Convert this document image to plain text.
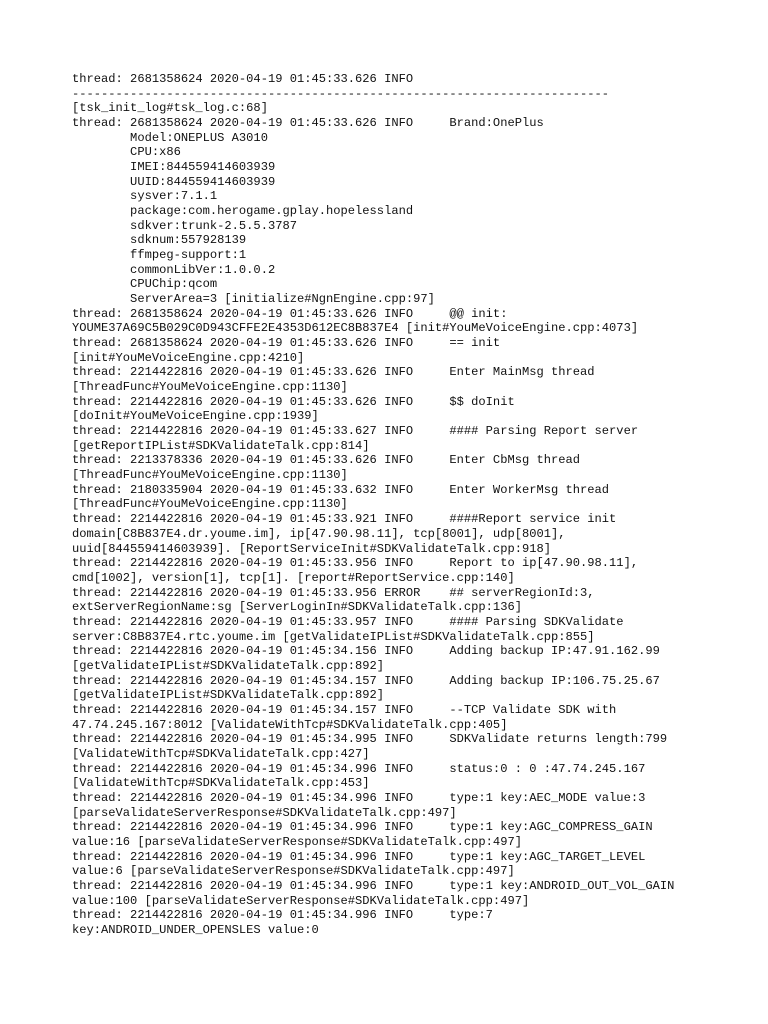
thread: 2681358624 2020-04-19 01:45:33.626 INFO
--------------------------------------------------------------------------
[tsk_init_log#tsk_log.c:68]
thread: 2681358624 2020-04-19 01:45:33.626 INFO     Brand:OnePlus
Model:ONEPLUS A3010
CPU:x86
IMEI:844559414603939
UUID:844559414603939
sysver:7.1.1
package:com.herogame.gplay.hopelessland
sdkver:trunk-2.5.5.3787
sdknum:557928139
ffmpeg-support:1
commonLibVer:1.0.0.2
CPUChip:qcom
ServerArea=3 [initialize#NgnEngine.cpp:97]
thread: 2681358624 2020-04-19 01:45:33.626 INFO     @@ init:
YOUME37A69C5B029C0D943CFFE2E4353D612EC8B837E4 [init#YouMeVoiceEngine.cpp:4073]
thread: 2681358624 2020-04-19 01:45:33.626 INFO     == init
[init#YouMeVoiceEngine.cpp:4210]
thread: 2214422816 2020-04-19 01:45:33.626 INFO     Enter MainMsg thread
[ThreadFunc#YouMeVoiceEngine.cpp:1130]
thread: 2214422816 2020-04-19 01:45:33.626 INFO     $$ doInit
[doInit#YouMeVoiceEngine.cpp:1939]
thread: 2214422816 2020-04-19 01:45:33.627 INFO     #### Parsing Report server
[getReportIPList#SDKValidateTalk.cpp:814]
thread: 2213378336 2020-04-19 01:45:33.626 INFO     Enter CbMsg thread
[ThreadFunc#YouMeVoiceEngine.cpp:1130]
thread: 2180335904 2020-04-19 01:45:33.632 INFO     Enter WorkerMsg thread
[ThreadFunc#YouMeVoiceEngine.cpp:1130]
thread: 2214422816 2020-04-19 01:45:33.921 INFO     ####Report service init
domain[C8B837E4.dr.youme.im], ip[47.90.98.11], tcp[8001], udp[8001],
uuid[844559414603939]. [ReportServiceInit#SDKValidateTalk.cpp:918]
thread: 2214422816 2020-04-19 01:45:33.956 INFO     Report to ip[47.90.98.11],
cmd[1002], version[1], tcp[1]. [report#ReportService.cpp:140]
thread: 2214422816 2020-04-19 01:45:33.956 ERROR    ## serverRegionId:3,
extServerRegionName:sg [ServerLoginIn#SDKValidateTalk.cpp:136]
thread: 2214422816 2020-04-19 01:45:33.957 INFO     #### Parsing SDKValidate
server:C8B837E4.rtc.youme.im [getValidateIPList#SDKValidateTalk.cpp:855]
thread: 2214422816 2020-04-19 01:45:34.156 INFO     Adding backup IP:47.91.162.99
[getValidateIPList#SDKValidateTalk.cpp:892]
thread: 2214422816 2020-04-19 01:45:34.157 INFO     Adding backup IP:106.75.25.67
[getValidateIPList#SDKValidateTalk.cpp:892]
thread: 2214422816 2020-04-19 01:45:34.157 INFO     --TCP Validate SDK with
47.74.245.167:8012 [ValidateWithTcp#SDKValidateTalk.cpp:405]
thread: 2214422816 2020-04-19 01:45:34.995 INFO     SDKValidate returns length:799
[ValidateWithTcp#SDKValidateTalk.cpp:427]
thread: 2214422816 2020-04-19 01:45:34.996 INFO     status:0 : 0 :47.74.245.167
[ValidateWithTcp#SDKValidateTalk.cpp:453]
thread: 2214422816 2020-04-19 01:45:34.996 INFO     type:1 key:AEC_MODE value:3
[parseValidateServerResponse#SDKValidateTalk.cpp:497]
thread: 2214422816 2020-04-19 01:45:34.996 INFO     type:1 key:AGC_COMPRESS_GAIN
value:16 [parseValidateServerResponse#SDKValidateTalk.cpp:497]
thread: 2214422816 2020-04-19 01:45:34.996 INFO     type:1 key:AGC_TARGET_LEVEL
value:6 [parseValidateServerResponse#SDKValidateTalk.cpp:497]
thread: 2214422816 2020-04-19 01:45:34.996 INFO     type:1 key:ANDROID_OUT_VOL_GAIN
value:100 [parseValidateServerResponse#SDKValidateTalk.cpp:497]
thread: 2214422816 2020-04-19 01:45:34.996 INFO     type:7
key:ANDROID_UNDER_OPENSLES value:0
